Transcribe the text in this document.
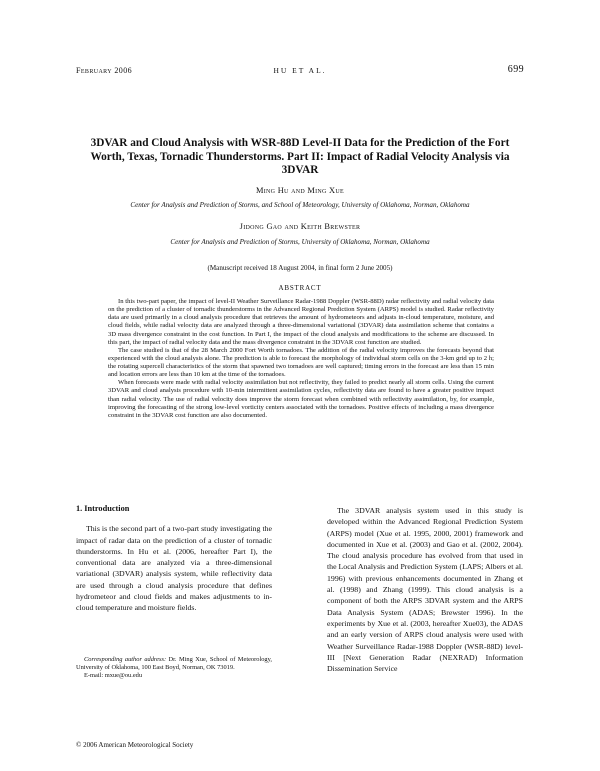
February 2006	HU ET AL.	699
3DVAR and Cloud Analysis with WSR-88D Level-II Data for the Prediction of the Fort Worth, Texas, Tornadic Thunderstorms. Part II: Impact of Radial Velocity Analysis via 3DVAR
Ming Hu and Ming Xue
Center for Analysis and Prediction of Storms, and School of Meteorology, University of Oklahoma, Norman, Oklahoma
Jidong Gao and Keith Brewster
Center for Analysis and Prediction of Storms, University of Oklahoma, Norman, Oklahoma
(Manuscript received 18 August 2004, in final form 2 June 2005)
ABSTRACT

In this two-part paper, the impact of level-II Weather Surveillance Radar-1988 Doppler (WSR-88D) radar reflectivity and radial velocity data on the prediction of a cluster of tornadic thunderstorms in the Advanced Regional Prediction System (ARPS) model is studied. Radar reflectivity data are used primarily in a cloud analysis procedure that retrieves the amount of hydrometeors and adjusts in-cloud temperature, moisture, and cloud fields, while radial velocity data are analyzed through a three-dimensional variational (3DVAR) data assimilation scheme that contains a 3D mass divergence constraint in the cost function. In Part I, the impact of the cloud analysis and modifications to the scheme are discussed. In this part, the impact of radial velocity data and the mass divergence constraint in the 3DVAR cost function are studied.

The case studied is that of the 28 March 2000 Fort Worth tornadoes. The addition of the radial velocity improves the forecasts beyond that experienced with the cloud analysis alone. The prediction is able to forecast the morphology of individual storm cells on the 3-km grid up to 2 h; the rotating supercell characteristics of the storm that spawned two tornadoes are well captured; timing errors in the forecast are less than 15 min and location errors are less than 10 km at the time of the tornadoes.

When forecasts were made with radial velocity assimilation but not reflectivity, they failed to predict nearly all storm cells. Using the current 3DVAR and cloud analysis procedure with 10-min intermittent assimilation cycles, reflectivity data are found to have a greater positive impact than radial velocity. The use of radial velocity does improve the storm forecast when combined with reflectivity assimilation, by, for example, improving the forecasting of the strong low-level vorticity centers associated with the tornadoes. Positive effects of including a mass divergence constraint in the 3DVAR cost function are also documented.

1. Introduction

This is the second part of a two-part study investigating the impact of radar data on the prediction of a cluster of tornadic thunderstorms. In Hu et al. (2006, hereafter Part I), the conventional data are analyzed via a three-dimensional variational (3DVAR) analysis system, while reflectivity data are used through a cloud analysis procedure that defines hydrometeor and cloud fields and makes adjustments to in-cloud temperature and moisture fields.

Corresponding author address: Dr. Ming Xue, School of Meteorology, University of Oklahoma, 100 East Boyd, Norman, OK 73019.

E-mail: mxue@ou.edu

The 3DVAR analysis system used in this study is developed within the Advanced Regional Prediction System (ARPS) model (Xue et al. 1995, 2000, 2001) framework and documented in Xue et al. (2003) and Gao et al. (2002, 2004). The cloud analysis procedure has evolved from that used in the Local Analysis and Prediction System (LAPS; Albers et al. 1996) with previous enhancements documented in Zhang et al. (1998) and Zhang (1999). This cloud analysis is a component of both the ARPS 3DVAR system and the ARPS Data Analysis System (ADAS; Brewster 1996). In the experiments by Xue et al. (2003, hereafter Xue03), the ADAS and an early version of ARPS cloud analysis were used with Weather Surveillance Radar-1988 Doppler (WSR-88D) level-III [Next Generation Radar (NEXRAD) Information Dissemination Service

© 2006 American Meteorological Society
